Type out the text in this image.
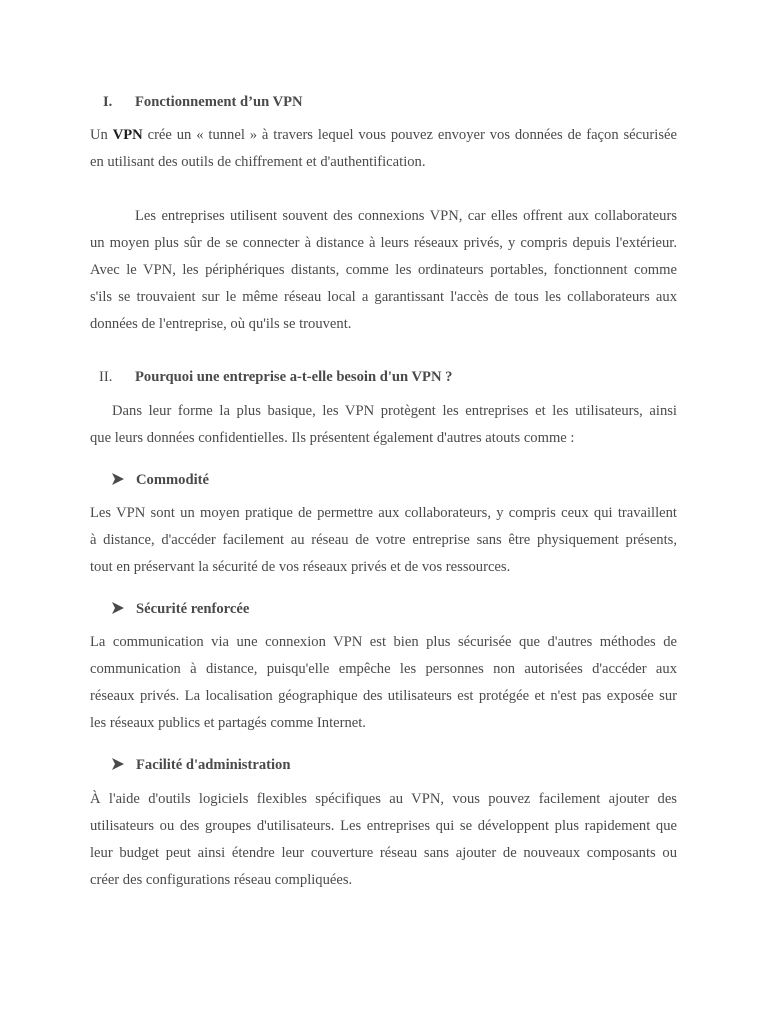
I. Fonctionnement d’un VPN
Un VPN crée un « tunnel » à travers lequel vous pouvez envoyer vos données de façon sécurisée
en utilisant des outils de chiffrement et d'authentification.
Les entreprises utilisent souvent des connexions VPN, car elles offrent aux collaborateurs
un moyen plus sûr de se connecter à distance à leurs réseaux privés, y compris depuis l'extérieur.
Avec le VPN, les périphériques distants, comme les ordinateurs portables, fonctionnent comme
s'ils se trouvaient sur le même réseau local a garantissant l'accès de tous les collaborateurs aux
données de l'entreprise, où qu'ils se trouvent.
II. Pourquoi une entreprise a-t-elle besoin d'un VPN ?
Dans leur forme la plus basique, les VPN protègent les entreprises et les utilisateurs, ainsi
que leurs données confidentielles. Ils présentent également d'autres atouts comme :
Commodité
Les VPN sont un moyen pratique de permettre aux collaborateurs, y compris ceux qui travaillent
à distance, d'accéder facilement au réseau de votre entreprise sans être physiquement présents,
tout en préservant la sécurité de vos réseaux privés et de vos ressources.
Sécurité renforcée
La communication via une connexion VPN est bien plus sécurisée que d'autres méthodes de
communication à distance, puisqu'elle empêche les personnes non autorisées d'accéder aux
réseaux privés. La localisation géographique des utilisateurs est protégée et n'est pas exposée sur
les réseaux publics et partagés comme Internet.
Facilité d'administration
À l'aide d'outils logiciels flexibles spécifiques au VPN, vous pouvez facilement ajouter des
utilisateurs ou des groupes d'utilisateurs. Les entreprises qui se développent plus rapidement que
leur budget peut ainsi étendre leur couverture réseau sans ajouter de nouveaux composants ou
créer des configurations réseau compliquées.
